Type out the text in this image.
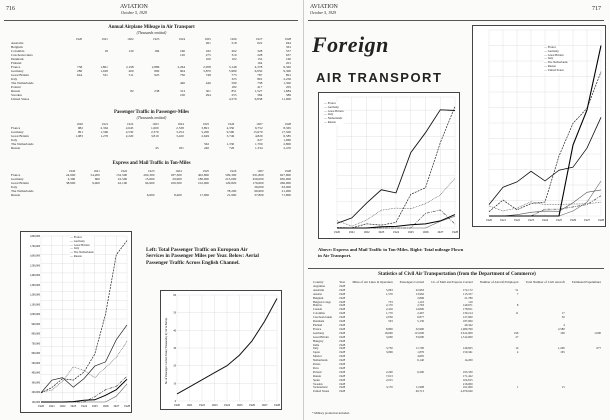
716	AVIATION
October 5, 1929
Annual Airplane Mileage in Air Transport
(Thousands omitted)
	1920	1921	1922	1923	1924	1925	1926	1927	1928
Australia						261	518	622	944
Belgium									361
Colombia		18	120	184	160	182	262	328	557
Czechoslovakia					120	275	310	228	637
Denmark						100	102	152	160
Finland								104	201
France	738	1,861	2,198	2,886	2,264	2,958	3,148	4,378	6,365
Germany	280	1,028	400	800	904	3,870	5,980	6,950	9,300
Great Britain	644	331	511	925	730	748	773	787	891
Italy							325	891	2,256
The Netherlands					440	440	590	738	1,300
Poland							182	417	205
Russia			82	238	313	301	851	1,527	1,684
Sweden					100	294	255	384	389
United States							4,579	6,838	11,000
Passenger Traffic in Passenger-Miles
(Thousands omitted)
	1920	1921	1922	1923	1924	1925	1926	1927	1928
France	982	2,362	2,645	1,600	2,538	3,891	4,350	6,752	8,365
Germany	991	1,560	2,530	2,370	3,254	5,200	9,500	15,970	17,500
Great Britain	1,083	1,270	2,220	3,810	3,420	2,649	3,746	4,820	6,585
Italy								627	1,960
The Netherlands						562	1,330	1,700	2,800
Russia				45	181	240	726	1,334	2,470
Express and Mail Traffic in Ton-Miles
	1920	1921	1922	1923	1924	1925	1926	1927	1928
France	24,900	54,200	132,500	204,300	187,300	402,800	509,300	631,800	627,800
Germany	2,300	600	22,500	15,600	29,900	180,000	215,000	456,000	650,000
Great Britain	38,900	9,400	42,100	94,900	106,300	102,900	129,820	176,600	266,900
Italy								36,000	63,000
The Netherlands							78,200	96,900	21,000
Russia				6,600	8,400	17,900	21,900	37,800	71,800
1,800,000
1,700,000
1,600,000
1,500,000
1,400,000
1,300,000
1,200,000
1,100,000
1,000,000
900,000
800,000
700,000
600,000
500,000
400,000
300,000
200,000
100,000
1920 1921 1922 1923 1924 1925 1926 1927 1928
— France
— Germany
— Great Britain
— Italy
— The Netherlands
— Russia
Left: Total Passenger Traffic on European Air Services in Passenger Miles per Year. Below: Aerial Passenger Traffic Across English Channel.
60
50
40
30
20
10
0
1920 1921 1922 1923 1924 1925 1926 1927 1928
No. of Passengers Carried, Total, (Thousands), by Air to Europe
AVIATION
October 5, 1929
717
Foreign
AIR TRANSPORT
1920	1921	1922	1923	1924	1925	1926	1927	1928
— France
— Germany
— Great Britain
— Italy
— Netherlands
— Russia
1920	1921	1922	1923	1924	1925	1926	1927	1928
— France
— Germany
— Great Britain
— Italy
— The Netherlands
— Russia
— United States
Above: Express and Mail Traffic in Ton-Miles. Right: Total mileage Flown in Air Transport.
Statistics of Civil Air Transportation (from the Department of Commerce)
Country	Year	Miles of Air Lines in Operation	Passengers Carried	Lb. of Mail and Express Carried	Number of Aircraft Employed	Total Number of Civil Aircraft	Estimated Expenditure
Argentina	1928						
Australia	1928	5,063	22,963	172,172	51		
Austria	1928	1,570	13,962	115,557	7		
Belgium	1928		2,896	21,780			
Belgian Congo	1928	753	1,116	110			
Bolivia	1928	2,170	2,763	140,671	8		
Canada	1928	2,416	14,800	178,811			
Colombia	1928	1,770	2,467	130,214	11	17	
Czechoslovakia	1928	2,056	6,877	127,000		50	
Denmark	1928	503	5,130	187,000			
Finland	1928			40,342		4	
France	1928	8,800	32,900	1,480,790		2,580	
Germany	1928	16,600	115,000	3,612,000	196	106	1,000
Great Britain	1928	3,000	33,000	1,512,000	27		
Hungary	1928						
India	1928						
Italy	1928	3,750	11,700	149,825	14	1,200	677
Japan	1928	3,096	1,876	150,341	4	165	
Mexico	1928		4,695				
Netherlands	1928		6,140	14,200			
Persia	1928						
Peru	1928						
Poland	1928	2,200	6,200	195,330			
Russia	1928	7,613		171,422			
Spain	1928	2,015		104,815			
Sweden	1928			216,000			
Switzerland	1928	3,170	11,908	161,000	1	15	
United States	1928		49,713	4,079,040			
* Military production included.
